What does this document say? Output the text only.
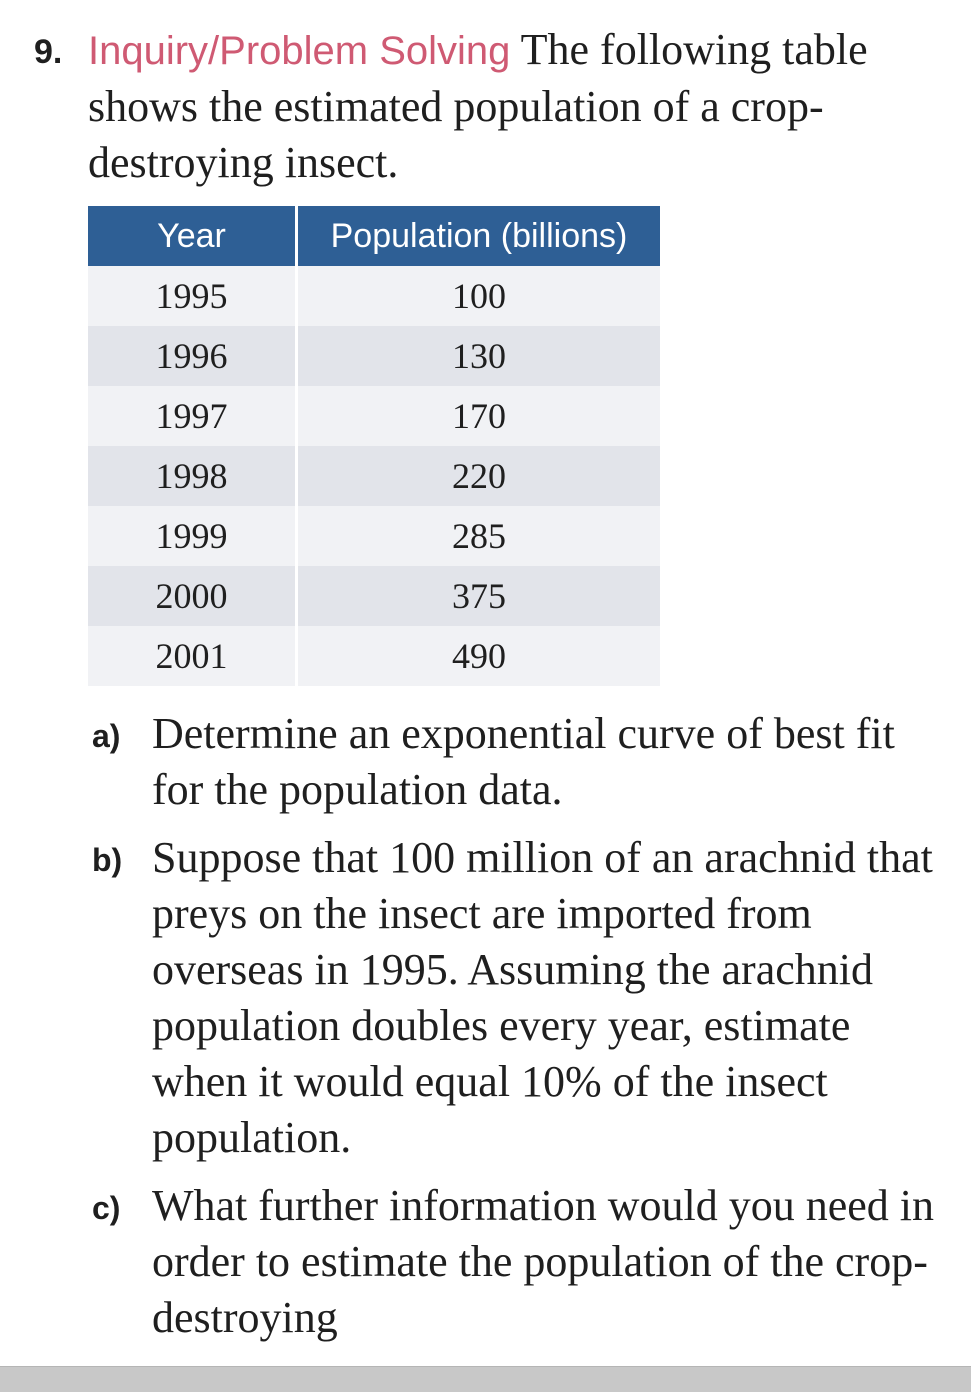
9. Inquiry/Problem Solving The following table shows the estimated population of a crop-destroying insect.
Year	Population (billions)
1995	100
1996	130
1997	170
1998	220
1999	285
2000	375
2001	490
a) Determine an exponential curve of best fit for the population data.
b) Suppose that 100 million of an arachnid that preys on the insect are imported from overseas in 1995. Assuming the arachnid population doubles every year, estimate when it would equal 10% of the insect population.
c) What further information would you need in order to estimate the population of the crop-destroying
